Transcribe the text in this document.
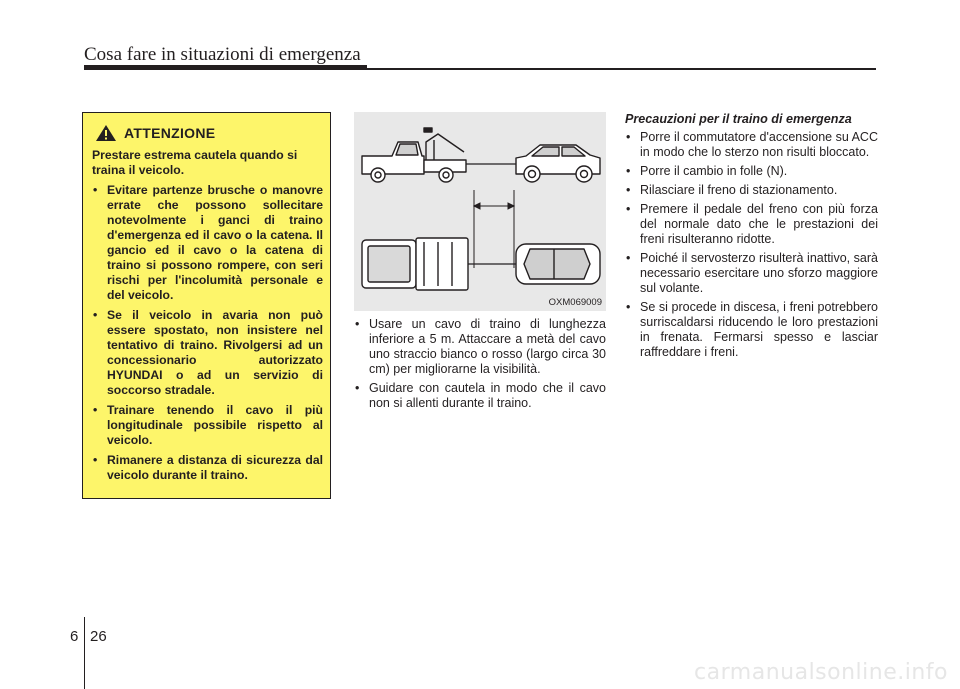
Cosa fare in situazioni di emergenza
ATTENZIONE
Prestare estrema cautela quando si traina il veicolo.
• Evitare partenze brusche o manovre errate che possono sollecitare notevolmente i ganci di traino d'emergenza ed il cavo o la catena. Il gancio ed il cavo o la catena di traino si possono rompere, con seri rischi per l'incolumità personale e del veicolo.
• Se il veicolo in avaria non può essere spostato, non insistere nel tentativo di traino. Rivolgersi ad un concessionario autorizzato HYUNDAI o ad un servizio di soccorso stradale.
• Trainare tenendo il cavo il più longitudinale possibile rispetto al veicolo.
• Rimanere a distanza di sicurezza dal veicolo durante il traino.
OXM069009
• Usare un cavo di traino di lunghezza inferiore a 5 m. Attaccare a metà del cavo uno straccio bianco o rosso (largo circa 30 cm) per migliorarne la visibilità.
• Guidare con cautela in modo che il cavo non si allenti durante il traino.
Precauzioni per il traino di emergenza
• Porre il commutatore d'accensione su ACC in modo che lo sterzo non risulti bloccato.
• Porre il cambio in folle (N).
• Rilasciare il freno di stazionamento.
• Premere il pedale del freno con più forza del normale dato che le prestazioni dei freni risulteranno ridotte.
• Poiché il servosterzo risulterà inattivo, sarà necessario esercitare uno sforzo maggiore sul volante.
• Se si procede in discesa, i freni potrebbero surriscaldarsi riducendo le loro prestazioni in frenata. Fermarsi spesso e lasciar raffreddare i freni.
6 26
carmanualsonline.info
